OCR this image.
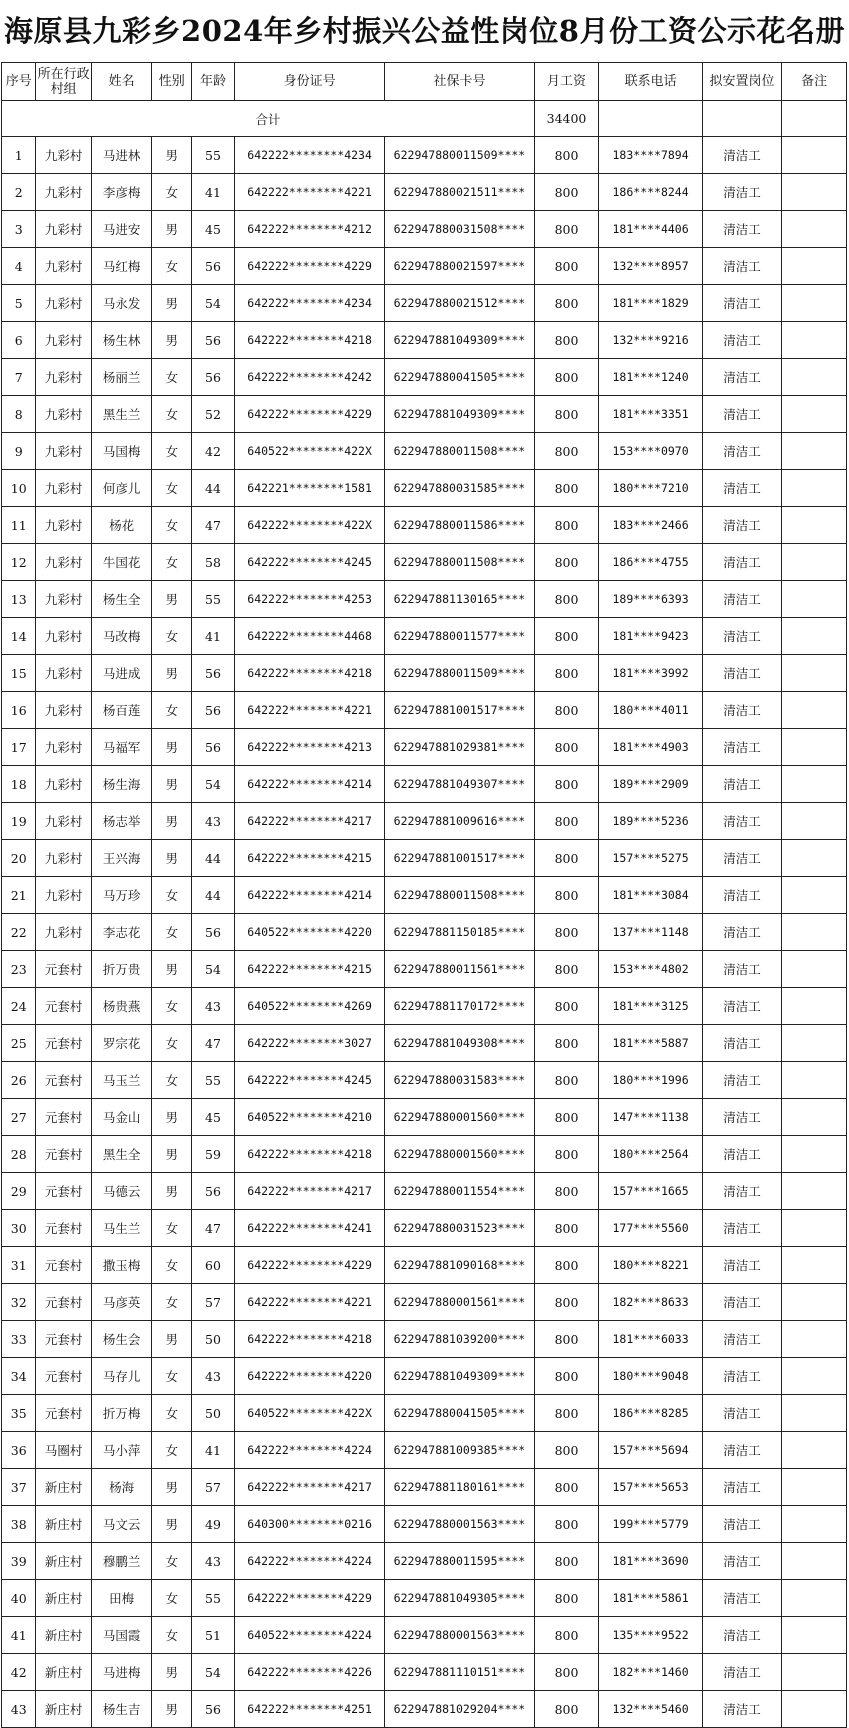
海原县九彩乡2024年乡村振兴公益性岗位8月份工资公示花名册
序号	所在行政村组	姓名	性别	年龄	身份证号	社保卡号	月工资	联系电话	拟安置岗位	备注
合计							34400			
1	九彩村	马进林	男	55	642222********4234	622947880011509****	800	183****7894	清洁工	
2	九彩村	李彦梅	女	41	642222********4221	622947880021511****	800	186****8244	清洁工	
3	九彩村	马进安	男	45	642222********4212	622947880031508****	800	181****4406	清洁工	
4	九彩村	马红梅	女	56	642222********4229	622947880021597****	800	132****8957	清洁工	
5	九彩村	马永发	男	54	642222********4234	622947880021512****	800	181****1829	清洁工	
6	九彩村	杨生林	男	56	642222********4218	622947881049309****	800	132****9216	清洁工	
7	九彩村	杨丽兰	女	56	642222********4242	622947880041505****	800	181****1240	清洁工	
8	九彩村	黑生兰	女	52	642222********4229	622947881049309****	800	181****3351	清洁工	
9	九彩村	马国梅	女	42	640522********422X	622947880011508****	800	153****0970	清洁工	
10	九彩村	何彦儿	女	44	642221********1581	622947880031585****	800	180****7210	清洁工	
11	九彩村	杨花	女	47	642222********422X	622947880011586****	800	183****2466	清洁工	
12	九彩村	牛国花	女	58	642222********4245	622947880011508****	800	186****4755	清洁工	
13	九彩村	杨生全	男	55	642222********4253	622947881130165****	800	189****6393	清洁工	
14	九彩村	马改梅	女	41	642222********4468	622947880011577****	800	181****9423	清洁工	
15	九彩村	马进成	男	56	642222********4218	622947880011509****	800	181****3992	清洁工	
16	九彩村	杨百莲	女	56	642222********4221	622947881001517****	800	180****4011	清洁工	
17	九彩村	马福军	男	56	642222********4213	622947881029381****	800	181****4903	清洁工	
18	九彩村	杨生海	男	54	642222********4214	622947881049307****	800	189****2909	清洁工	
19	九彩村	杨志举	男	43	642222********4217	622947881009616****	800	189****5236	清洁工	
20	九彩村	王兴海	男	44	642222********4215	622947881001517****	800	157****5275	清洁工	
21	九彩村	马万珍	女	44	642222********4214	622947880011508****	800	181****3084	清洁工	
22	九彩村	李志花	女	56	640522********4220	622947881150185****	800	137****1148	清洁工	
23	元套村	折万贵	男	54	642222********4215	622947880011561****	800	153****4802	清洁工	
24	元套村	杨贵燕	女	43	640522********4269	622947881170172****	800	181****3125	清洁工	
25	元套村	罗宗花	女	47	642222********3027	622947881049308****	800	181****5887	清洁工	
26	元套村	马玉兰	女	55	642222********4245	622947880031583****	800	180****1996	清洁工	
27	元套村	马金山	男	45	640522********4210	622947880001560****	800	147****1138	清洁工	
28	元套村	黑生全	男	59	642222********4218	622947880001560****	800	180****2564	清洁工	
29	元套村	马德云	男	56	642222********4217	622947880011554****	800	157****1665	清洁工	
30	元套村	马生兰	女	47	642222********4241	622947880031523****	800	177****5560	清洁工	
31	元套村	撒玉梅	女	60	642222********4229	622947881090168****	800	180****8221	清洁工	
32	元套村	马彦英	女	57	642222********4221	622947880001561****	800	182****8633	清洁工	
33	元套村	杨生会	男	50	642222********4218	622947881039200****	800	181****6033	清洁工	
34	元套村	马存儿	女	43	642222********4220	622947881049309****	800	180****9048	清洁工	
35	元套村	折万梅	女	50	640522********422X	622947880041505****	800	186****8285	清洁工	
36	马圈村	马小萍	女	41	642222********4224	622947881009385****	800	157****5694	清洁工	
37	新庄村	杨海	男	57	642222********4217	622947881180161****	800	157****5653	清洁工	
38	新庄村	马文云	男	49	640300********0216	622947880001563****	800	199****5779	清洁工	
39	新庄村	穆鹏兰	女	43	642222********4224	622947880011595****	800	181****3690	清洁工	
40	新庄村	田梅	女	55	642222********4229	622947881049305****	800	181****5861	清洁工	
41	新庄村	马国霞	女	51	640522********4224	622947880001563****	800	135****9522	清洁工	
42	新庄村	马进梅	男	54	642222********4226	622947881110151****	800	182****1460	清洁工	
43	新庄村	杨生吉	男	56	642222********4251	622947881029204****	800	132****5460	清洁工	
